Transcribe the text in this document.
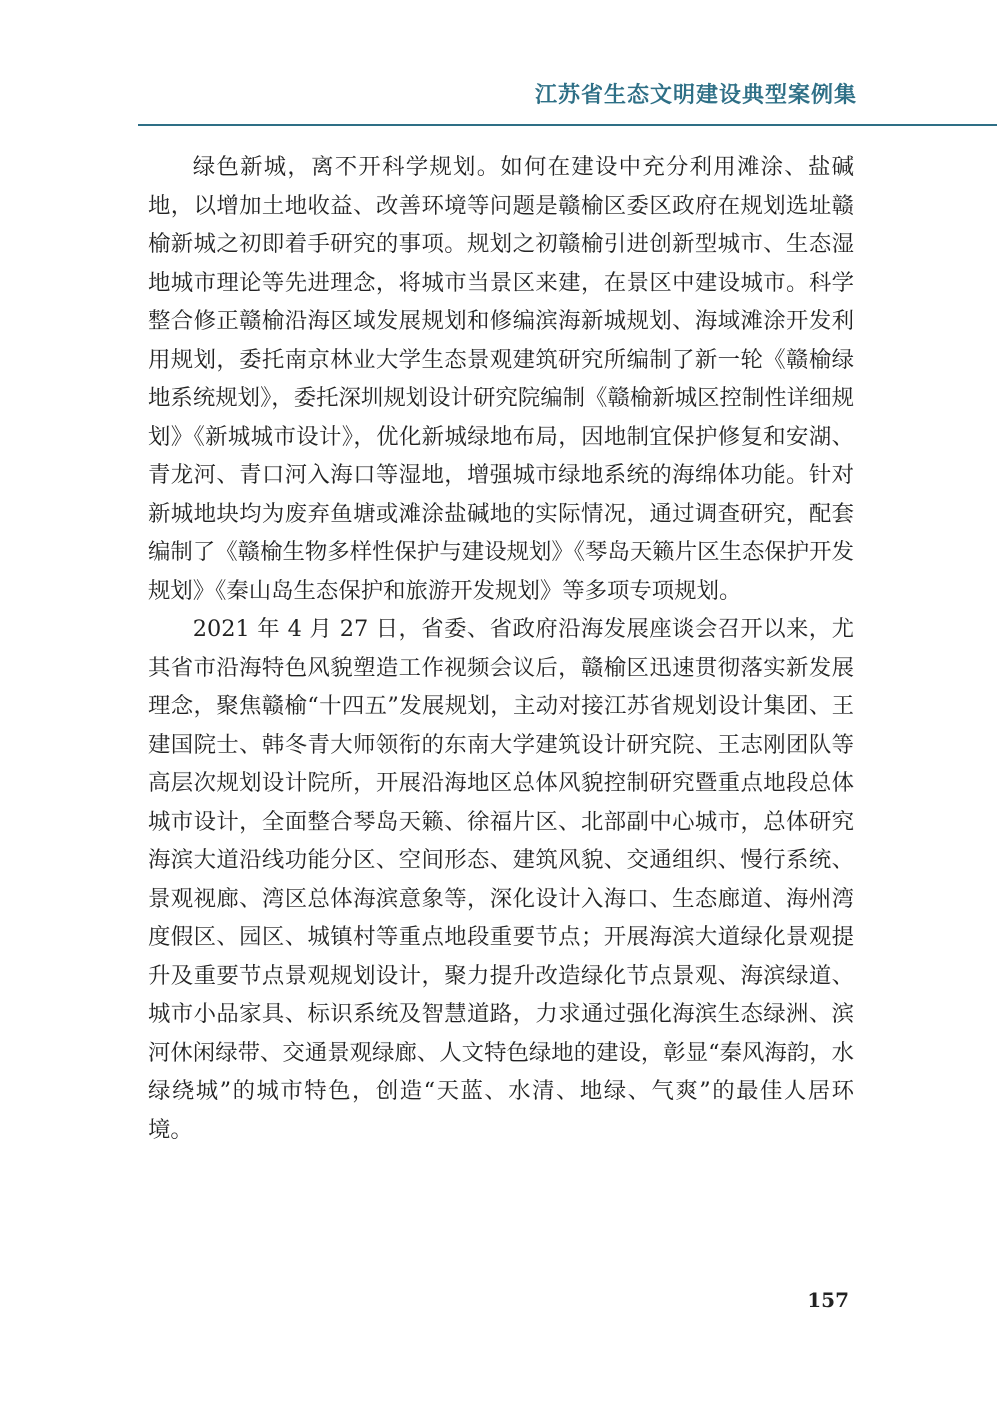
江苏省生态文明建设典型案例集

绿色新城，离不开科学规划。如何在建设中充分利用滩涂、盐碱地，以增加土地收益、改善环境等问题是赣榆区委区政府在规划选址赣榆新城之初即着手研究的事项。规划之初赣榆引进创新型城市、生态湿地城市理论等先进理念，将城市当景区来建，在景区中建设城市。科学整合修正赣榆沿海区域发展规划和修编滨海新城规划、海域滩涂开发利用规划，委托南京林业大学生态景观建筑研究所编制了新一轮《赣榆绿地系统规划》，委托深圳规划设计研究院编制《赣榆新城区控制性详细规划》《新城城市设计》，优化新城绿地布局，因地制宜保护修复和安湖、青龙河、青口河入海口等湿地，增强城市绿地系统的海绵体功能。针对新城地块均为废弃鱼塘或滩涂盐碱地的实际情况，通过调查研究，配套编制了《赣榆生物多样性保护与建设规划》《琴岛天籁片区生态保护开发规划》《秦山岛生态保护和旅游开发规划》等多项专项规划。

2021 年 4 月 27 日，省委、省政府沿海发展座谈会召开以来，尤其省市沿海特色风貌塑造工作视频会议后，赣榆区迅速贯彻落实新发展理念，聚焦赣榆“十四五”发展规划，主动对接江苏省规划设计集团、王建国院士、韩冬青大师领衔的东南大学建筑设计研究院、王志刚团队等高层次规划设计院所，开展沿海地区总体风貌控制研究暨重点地段总体城市设计，全面整合琴岛天籁、徐福片区、北部副中心城市，总体研究海滨大道沿线功能分区、空间形态、建筑风貌、交通组织、慢行系统、景观视廊、湾区总体海滨意象等，深化设计入海口、生态廊道、海州湾度假区、园区、城镇村等重点地段重要节点；开展海滨大道绿化景观提升及重要节点景观规划设计，聚力提升改造绿化节点景观、海滨绿道、城市小品家具、标识系统及智慧道路，力求通过强化海滨生态绿洲、滨河休闲绿带、交通景观绿廊、人文特色绿地的建设，彰显“秦风海韵，水绿绕城”的城市特色，创造“天蓝、水清、地绿、气爽”的最佳人居环境。

157
